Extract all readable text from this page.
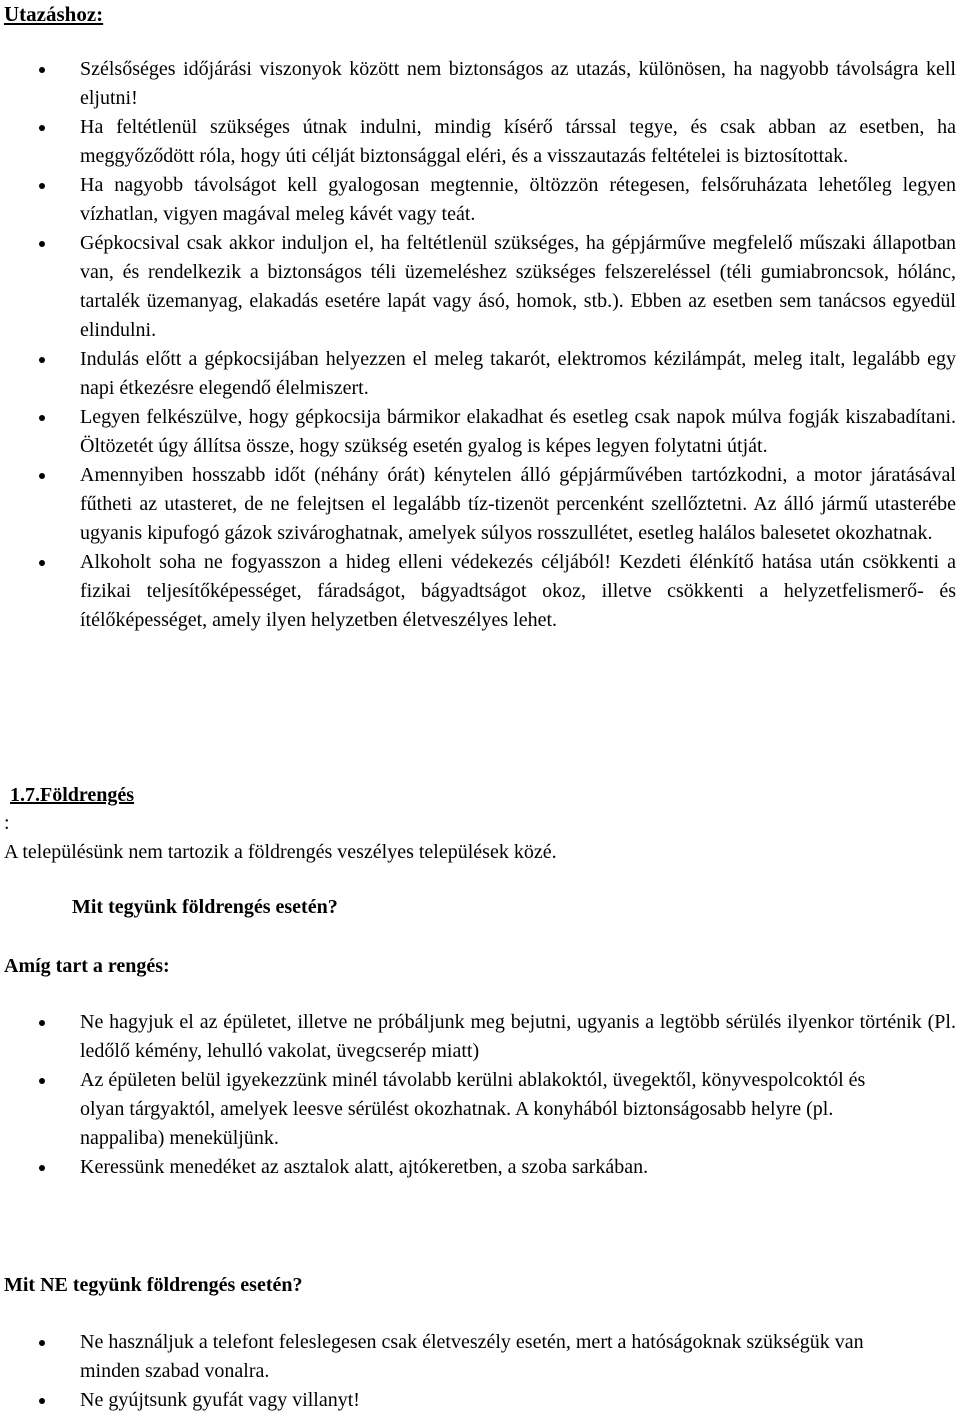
Utazáshoz:
Szélsőséges időjárási viszonyok között nem biztonságos az utazás, különösen, ha nagyobb távolságra kell eljutni!
Ha feltétlenül szükséges útnak indulni, mindig kísérő társsal tegye, és csak abban az esetben, ha meggyőződött róla, hogy úti célját biztonsággal eléri, és a visszautazás feltételei is biztosítottak.
Ha nagyobb távolságot kell gyalogosan megtennie, öltözzön rétegesen, felsőruházata lehetőleg legyen vízhatlan, vigyen magával meleg kávét vagy teát.
Gépkocsival csak akkor induljon el, ha feltétlenül szükséges, ha gépjárműve megfelelő műszaki állapotban van, és rendelkezik a biztonságos téli üzemeléshez szükséges felszereléssel (téli gumiabroncsok, hólánc, tartalék üzemanyag, elakadás esetére lapát vagy ásó, homok, stb.). Ebben az esetben sem tanácsos egyedül elindulni.
Indulás előtt a gépkocsijában helyezzen el meleg takarót, elektromos kézilámpát, meleg italt, legalább egy napi étkezésre elegendő élelmiszert.
Legyen felkészülve, hogy gépkocsija bármikor elakadhat és esetleg csak napok múlva fogják kiszabadítani. Öltözetét úgy állítsa össze, hogy szükség esetén gyalog is képes legyen folytatni útját.
Amennyiben hosszabb időt (néhány órát) kénytelen álló gépjárművében tartózkodni, a motor járatásával fűtheti az utasteret, de ne felejtsen el legalább tíz-tizenöt percenként szellőztetni. Az álló jármű utasterébe ugyanis kipufogó gázok szivároghatnak, amelyek súlyos rosszullétet, esetleg halálos balesetet okozhatnak.
Alkoholt soha ne fogyasszon a hideg elleni védekezés céljából! Kezdeti élénkítő hatása után csökkenti a fizikai teljesítőképességet, fáradságot, bágyadtságot okoz, illetve csökkenti a helyzetfelismerő- és ítélőképességet, amely ilyen helyzetben életveszélyes lehet.
1.7.Földrengés
:
A településünk nem tartozik a földrengés veszélyes települések közé.
Mit tegyünk földrengés esetén?
Amíg tart a rengés:
Ne hagyjuk el az épületet, illetve ne próbáljunk meg bejutni, ugyanis a legtöbb sérülés ilyenkor történik (Pl. ledőlő kémény, lehulló vakolat, üvegcserép miatt)
Az épületen belül igyekezzünk minél távolabb kerülni ablakoktól, üvegektől, könyvespolcoktól és olyan tárgyaktól, amelyek leesve sérülést okozhatnak. A konyhából biztonságosabb helyre (pl. nappaliba) meneküljünk.
Keressünk menedéket az asztalok alatt, ajtókeretben, a szoba sarkában.
Mit NE tegyünk földrengés esetén?
Ne használjuk a telefont feleslegesen csak életveszély esetén, mert a hatóságoknak szükségük van minden szabad vonalra.
Ne gyújtsunk gyufát vagy villanyt!
